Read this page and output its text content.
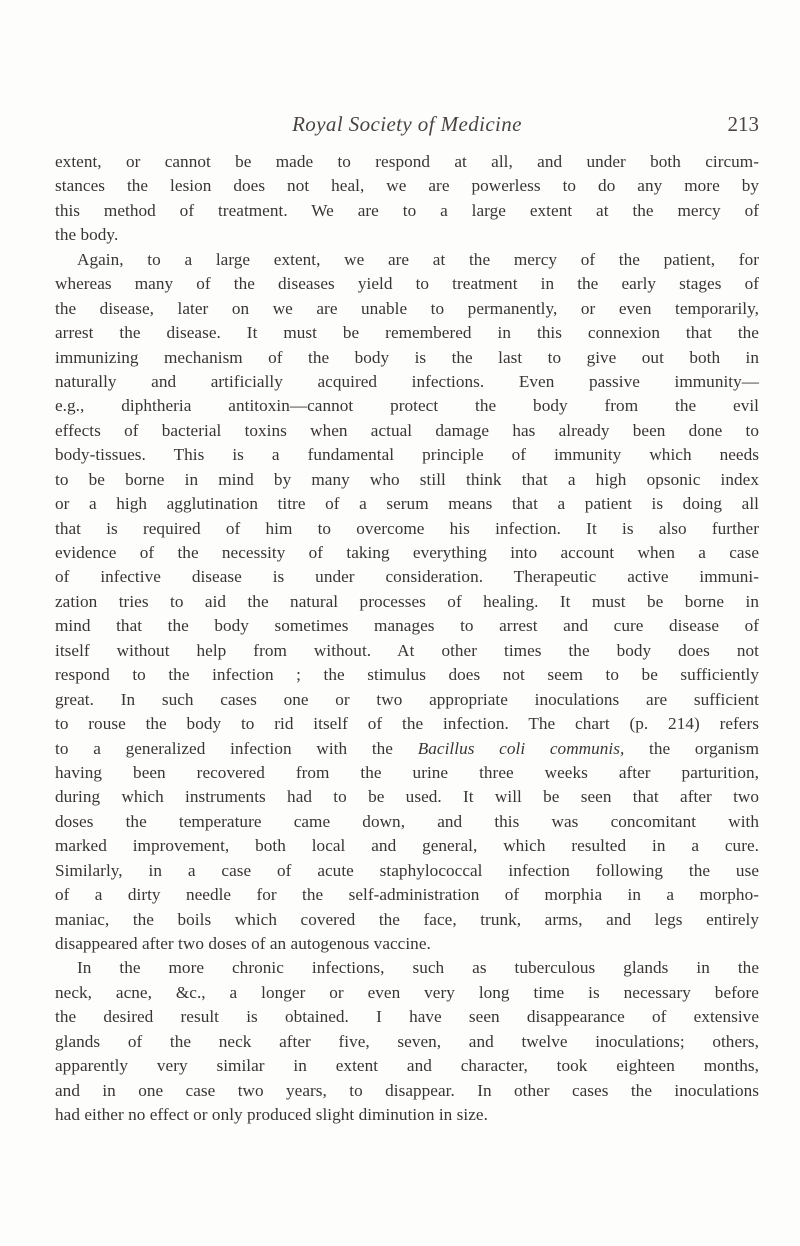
Royal Society of Medicine	213
extent, or cannot be made to respond at all, and under both circum-
stances the lesion does not heal, we are powerless to do any more by
this method of treatment. We are to a large extent at the mercy of
the body.
Again, to a large extent, we are at the mercy of the patient, for
whereas many of the diseases yield to treatment in the early stages of
the disease, later on we are unable to permanently, or even temporarily,
arrest the disease. It must be remembered in this connexion that the
immunizing mechanism of the body is the last to give out both in
naturally and artificially acquired infections. Even passive immunity—
e.g., diphtheria antitoxin—cannot protect the body from the evil
effects of bacterial toxins when actual damage has already been done to
body-tissues. This is a fundamental principle of immunity which needs
to be borne in mind by many who still think that a high opsonic index
or a high agglutination titre of a serum means that a patient is doing all
that is required of him to overcome his infection. It is also further
evidence of the necessity of taking everything into account when a case
of infective disease is under consideration. Therapeutic active immuni-
zation tries to aid the natural processes of healing. It must be borne in
mind that the body sometimes manages to arrest and cure disease of
itself without help from without. At other times the body does not
respond to the infection ; the stimulus does not seem to be sufficiently
great. In such cases one or two appropriate inoculations are sufficient
to rouse the body to rid itself of the infection. The chart (p. 214) refers
to a generalized infection with the Bacillus coli communis, the organism
having been recovered from the urine three weeks after parturition,
during which instruments had to be used. It will be seen that after two
doses the temperature came down, and this was concomitant with
marked improvement, both local and general, which resulted in a cure.
Similarly, in a case of acute staphylococcal infection following the use
of a dirty needle for the self-administration of morphia in a morpho-
maniac, the boils which covered the face, trunk, arms, and legs entirely
disappeared after two doses of an autogenous vaccine.
In the more chronic infections, such as tuberculous glands in the
neck, acne, &c., a longer or even very long time is necessary before
the desired result is obtained. I have seen disappearance of extensive
glands of the neck after five, seven, and twelve inoculations; others,
apparently very similar in extent and character, took eighteen months,
and in one case two years, to disappear. In other cases the inoculations
had either no effect or only produced slight diminution in size.
